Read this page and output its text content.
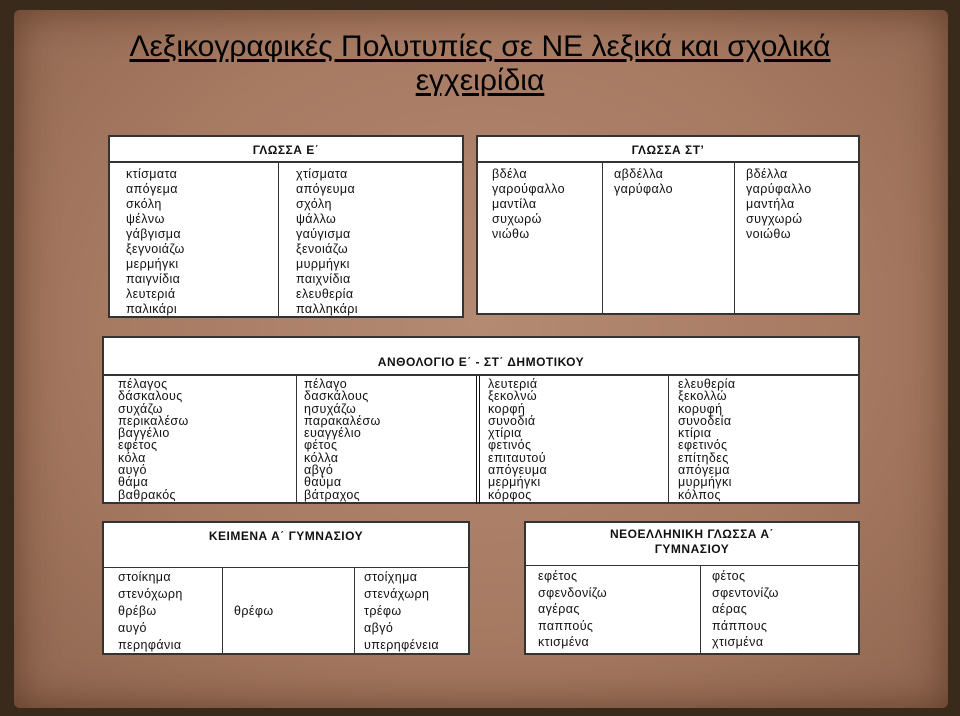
Λεξικογραφικές Πολυτυπίες σε ΝΕ λεξικά και σχολικά
εγχειρίδια
ΓΛΩΣΣΑ Ε΄
κτίσματα
απόγεμα
σκόλη
ψέλνω
γάβγισμα
ξεγνοιάζω
μερμήγκι
παιγνίδια
λευτεριά
παλικάρι
χτίσματα
απόγευμα
σχόλη
ψάλλω
γαύγισμα
ξενοιάζω
μυρμήγκι
παιχνίδια
ελευθερία
παλληκάρι
ΓΛΩΣΣΑ ΣΤ’
βδέλα
γαρούφαλλο
μαντίλα
συχωρώ
νιώθω
αβδέλλα
γαρύφαλο
βδέλλα
γαρύφαλλο
μαντήλα
συγχωρώ
νοιώθω
ΑΝΘΟΛΟΓΙΟ Ε΄ - ΣΤ΄ ΔΗΜΟΤΙΚΟΥ
πέλαγος
δάσκαλους
συχάζω
περικαλέσω
βαγγέλιο
εφέτος
κόλα
αυγό
θάμα
βαθρακός
πέλαγο
δασκάλους
ησυχάζω
παρακαλέσω
ευαγγέλιο
φέτος
κόλλα
αβγό
θαύμα
βάτραχος
λευτεριά
ξεκολνώ
κορφή
συνοδιά
χτίρια
φετινός
επιταυτού
απόγευμα
μερμήγκι
κόρφος
ελευθερία
ξεκολλώ
κορυφή
συνοδεία
κτίρια
εφετινός
επίτηδες
απόγεμα
μυρμήγκι
κόλπος
ΚΕΙΜΕΝΑ Α΄ ΓΥΜΝΑΣΙΟΥ
στοίκημα
στενόχωρη
θρέβω
αυγό
περηφάνια
θρέφω
στοίχημα
στενάχωρη
τρέφω
αβγό
υπερηφένεια
ΝΕΟΕΛΛΗΝΙΚΗ ΓΛΩΣΣΑ Α΄
ΓΥΜΝΑΣΙΟΥ
εφέτος
σφενδονίζω
αγέρας
παππούς
κτισμένα
φέτος
σφεντονίζω
αέρας
πάππους
χτισμένα
